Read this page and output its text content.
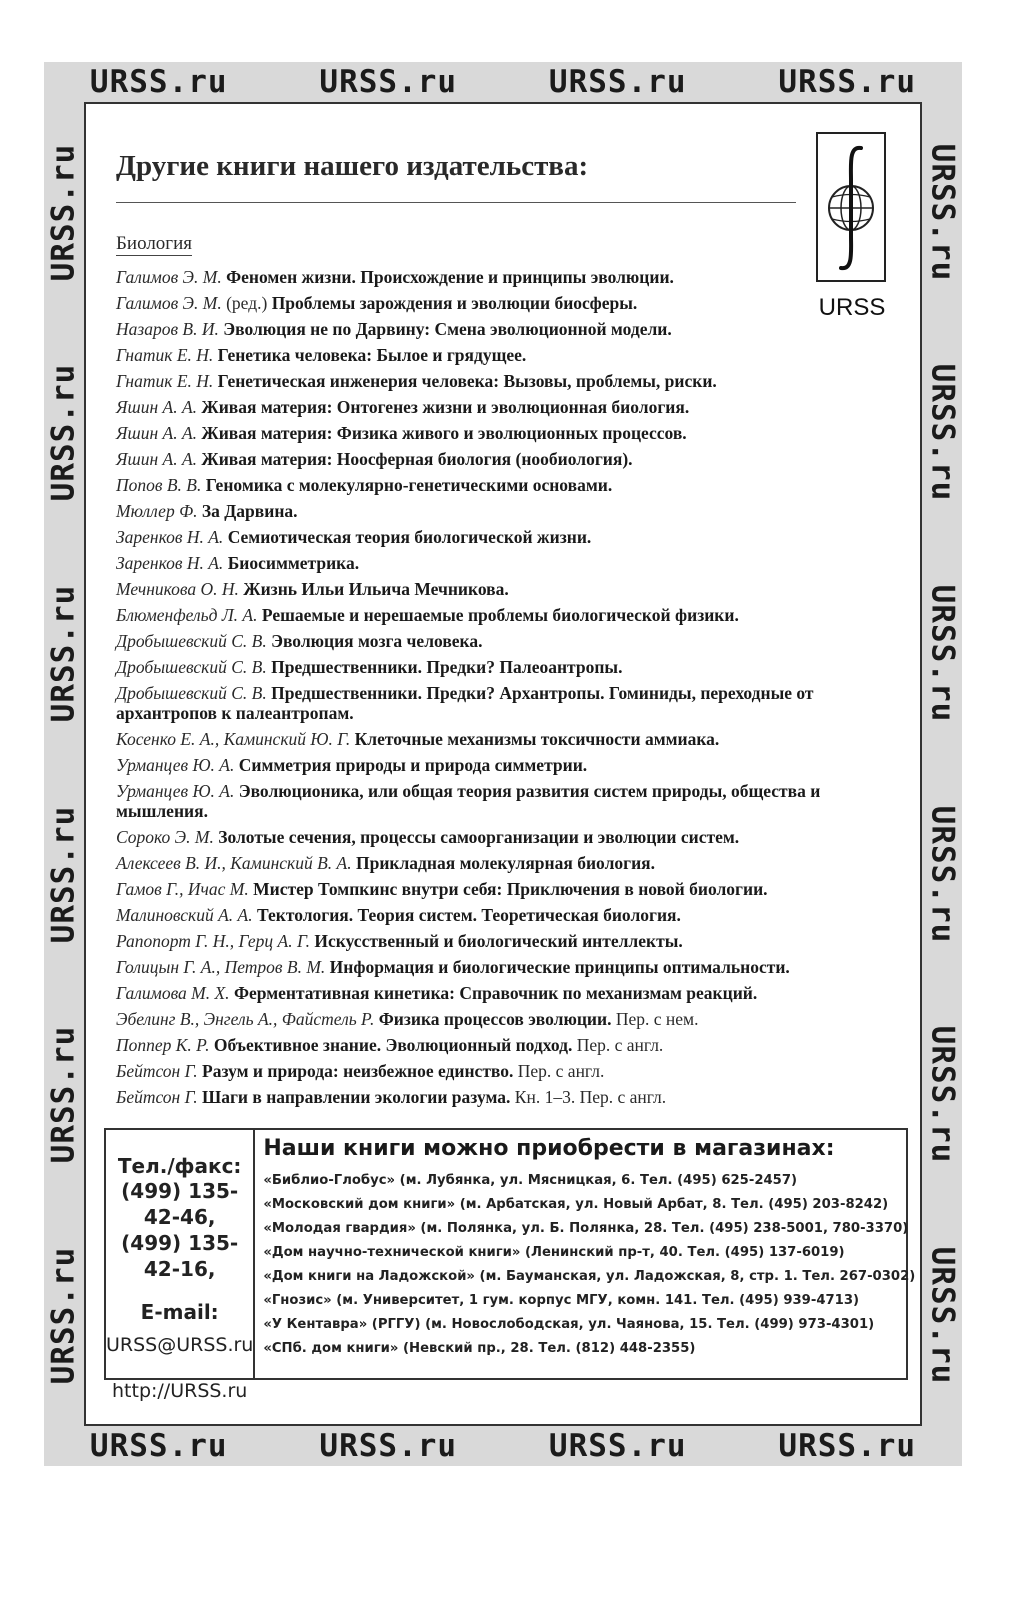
URSS.ru	URSS.ru	URSS.ru	URSS.ru
URSS.ru
URSS.ru
URSS.ru
URSS.ru
URSS.ru
URSS.ru
URSS.ru
URSS.ru
URSS.ru
URSS.ru
URSS.ru
URSS.ru
URSS.ru	URSS.ru	URSS.ru	URSS.ru
Другие книги нашего издательства:
URSS
Биология

Галимов Э. М. Феномен жизни. Происхождение и принципы эволюции.

Галимов Э. М. (ред.) Проблемы зарождения и эволюции биосферы.

Назаров В. И. Эволюция не по Дарвину: Смена эволюционной модели.

Гнатик Е. Н. Генетика человека: Былое и грядущее.

Гнатик Е. Н. Генетическая инженерия человека: Вызовы, проблемы, риски.

Яшин А. А. Живая материя: Онтогенез жизни и эволюционная биология.

Яшин А. А. Живая материя: Физика живого и эволюционных процессов.

Яшин А. А. Живая материя: Ноосферная биология (нообиология).

Попов В. В. Геномика с молекулярно-генетическими основами.

Мюллер Ф. За Дарвина.

Заренков Н. А. Семиотическая теория биологической жизни.

Заренков Н. А. Биосимметрика.

Мечникова О. Н. Жизнь Ильи Ильича Мечникова.

Блюменфельд Л. А. Решаемые и нерешаемые проблемы биологической физики.

Дробышевский С. В. Эволюция мозга человека.

Дробышевский С. В. Предшественники. Предки? Палеоантропы.

Дробышевский С. В. Предшественники. Предки? Архантропы. Гоминиды, переходные от архантропов к палеантропам.

Косенко Е. А., Каминский Ю. Г. Клеточные механизмы токсичности аммиака.

Урманцев Ю. А. Симметрия природы и природа симметрии.

Урманцев Ю. А. Эволюционика, или общая теория развития систем природы, общества и мышления.

Сороко Э. М. Золотые сечения, процессы самоорганизации и эволюции систем.

Алексеев В. И., Каминский В. А. Прикладная молекулярная биология.

Гамов Г., Ичас М. Мистер Томпкинс внутри себя: Приключения в новой биологии.

Малиновский А. А. Тектология. Теория систем. Теоретическая биология.

Рапопорт Г. Н., Герц А. Г. Искусственный и биологический интеллекты.

Голицын Г. А., Петров В. М. Информация и биологические принципы оптимальности.

Галимова М. Х. Ферментативная кинетика: Справочник по механизмам реакций.

Эбелинг В., Энгель А., Файстель Р. Физика процессов эволюции. Пер. с нем.

Поппер К. Р. Объективное знание. Эволюционный подход. Пер. с англ.

Бейтсон Г. Разум и природа: неизбежное единство. Пер. с англ.

Бейтсон Г. Шаги в направлении экологии разума. Кн. 1–3. Пер. с англ.

Тел./факс:
(499) 135-42-46,
(499) 135-42-16,
E-mail:
URSS@URSS.ru
http://URSS.ru
Наши книги можно приобрести в магазинах:
«Библио-Глобус» (м. Лубянка, ул. Мясницкая, 6. Тел. (495) 625-2457)
«Московский дом книги» (м. Арбатская, ул. Новый Арбат, 8. Тел. (495) 203-8242)
«Молодая гвардия» (м. Полянка, ул. Б. Полянка, 28. Тел. (495) 238-5001, 780-3370)
«Дом научно-технической книги» (Ленинский пр-т, 40. Тел. (495) 137-6019)
«Дом книги на Ладожской» (м. Бауманская, ул. Ладожская, 8, стр. 1. Тел. 267-0302)
«Гнозис» (м. Университет, 1 гум. корпус МГУ, комн. 141. Тел. (495) 939-4713)
«У Кентавра» (РГГУ) (м. Новослободская, ул. Чаянова, 15. Тел. (499) 973-4301)
«СПб. дом книги» (Невский пр., 28. Тел. (812) 448-2355)
